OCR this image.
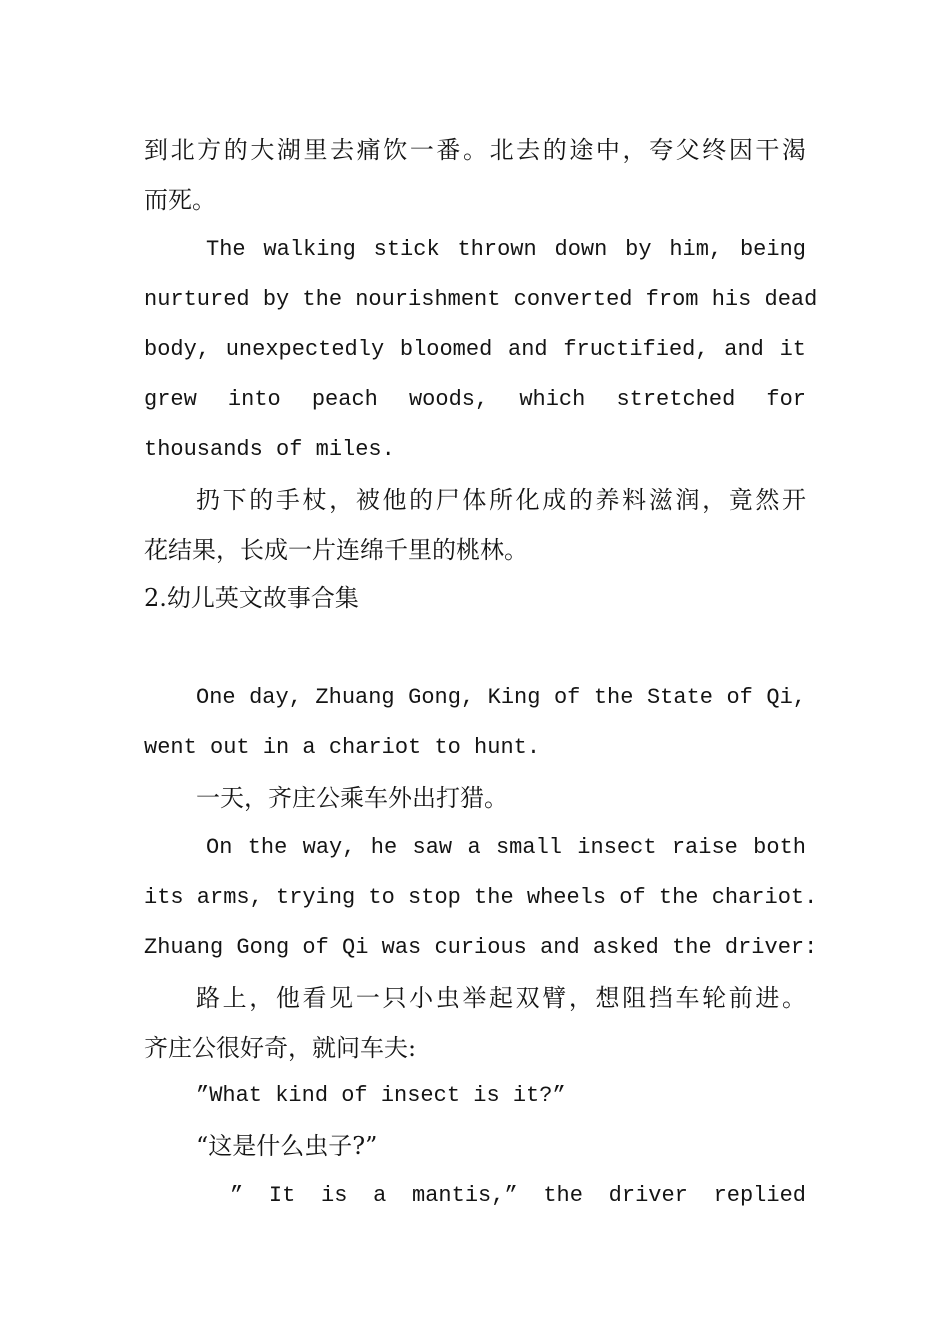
到北方的大湖里去痛饮一番。北去的途中，夸父终因干渴
而死。
The walking stick thrown down by him, being
nurtured by the nourishment converted from his dead
body, unexpectedly bloomed and fructified, and it
grew into peach woods, which stretched for
thousands of miles.
扔下的手杖，被他的尸体所化成的养料滋润，竟然开
花结果，长成一片连绵千里的桃林。
2.幼儿英文故事合集
One day, Zhuang Gong, King of the State of Qi,
went out in a chariot to hunt.
一天，齐庄公乘车外出打猎。
On the way, he saw a small insect raise both
its arms, trying to stop the wheels of the chariot.
Zhuang Gong of Qi was curious and asked the driver:
路上，他看见一只小虫举起双臂，想阻挡车轮前进。
齐庄公很好奇，就问车夫:
”What kind of insect is it?”
“这是什么虫子?”
” It is a mantis,” the driver replied
